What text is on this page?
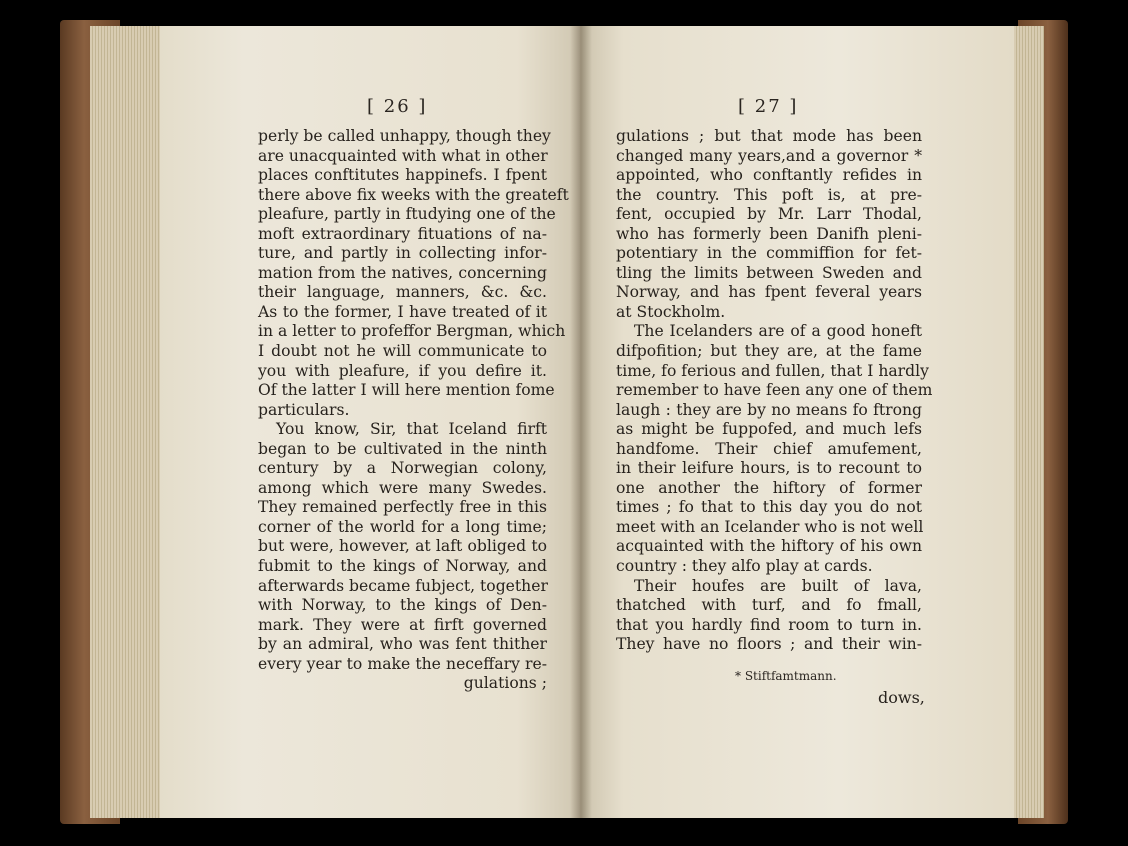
[ 26 ]
perly be called unhappy, though they
are unacquainted with what in other
places conftitutes happinefs. I fpent
there above fix weeks with the greateft
pleafure, partly in ftudying one of the
moft extraordinary fituations of na-
ture, and partly in collecting infor-
mation from the natives, concerning
their language, manners, &c. &c.
As to the former, I have treated of it
in a letter to profeffor Bergman, which
I doubt not he will communicate to
you with pleafure, if you defire it.
Of the latter I will here mention fome
particulars.
You know, Sir, that Iceland firft
began to be cultivated in the ninth
century by a Norwegian colony,
among which were many Swedes.
They remained perfectly free in this
corner of the world for a long time;
but were, however, at laft obliged to
fubmit to the kings of Norway, and
afterwards became fubject, together
with Norway, to the kings of Den-
mark. They were at firft governed
by an admiral, who was fent thither
every year to make the neceffary re-
gulations ;
[ 27 ]
gulations ; but that mode has been
changed many years,and a governor *
appointed, who conftantly refides in
the country. This poft is, at pre-
fent, occupied by Mr. Larr Thodal,
who has formerly been Danifh pleni-
potentiary in the commiffion for fet-
tling the limits between Sweden and
Norway, and has fpent feveral years
at Stockholm.
The Icelanders are of a good honeft
difpofition; but they are, at the fame
time, fo ferious and fullen, that I hardly
remember to have feen any one of them
laugh : they are by no means fo ftrong
as might be fuppofed, and much lefs
handfome. Their chief amufement,
in their leifure hours, is to recount to
one another the hiftory of former
times ; fo that to this day you do not
meet with an Icelander who is not well
acquainted with the hiftory of his own
country : they alfo play at cards.
Their houfes are built of lava,
thatched with turf, and fo fmall,
that you hardly find room to turn in.
They have no floors ; and their win-
* Stiftfamtmann.
dows,
